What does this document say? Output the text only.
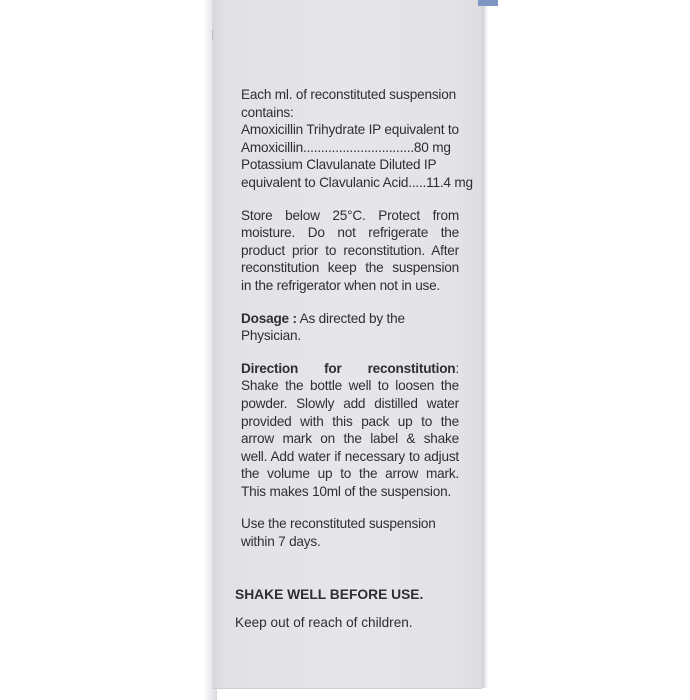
Each ml. of reconstituted suspension
contains:
Amoxicillin Trihydrate IP equivalent to
Amoxicillin...............................80 mg
Potassium Clavulanate Diluted IP
equivalent to Clavulanic Acid.....11.4 mg
Store below 25°C. Protect from
moisture. Do not refrigerate the
product prior to reconstitution. After
reconstitution keep the suspension
in the refrigerator when not in use.
Dosage : As directed by the
Physician.
Direction for reconstitution:
Shake the bottle well to loosen the
powder. Slowly add distilled water
provided with this pack up to the
arrow mark on the label & shake
well. Add water if necessary to adjust
the volume up to the arrow mark.
This makes 10ml of the suspension.
Use the reconstituted suspension
within 7 days.
SHAKE WELL BEFORE USE.
Keep out of reach of children.
